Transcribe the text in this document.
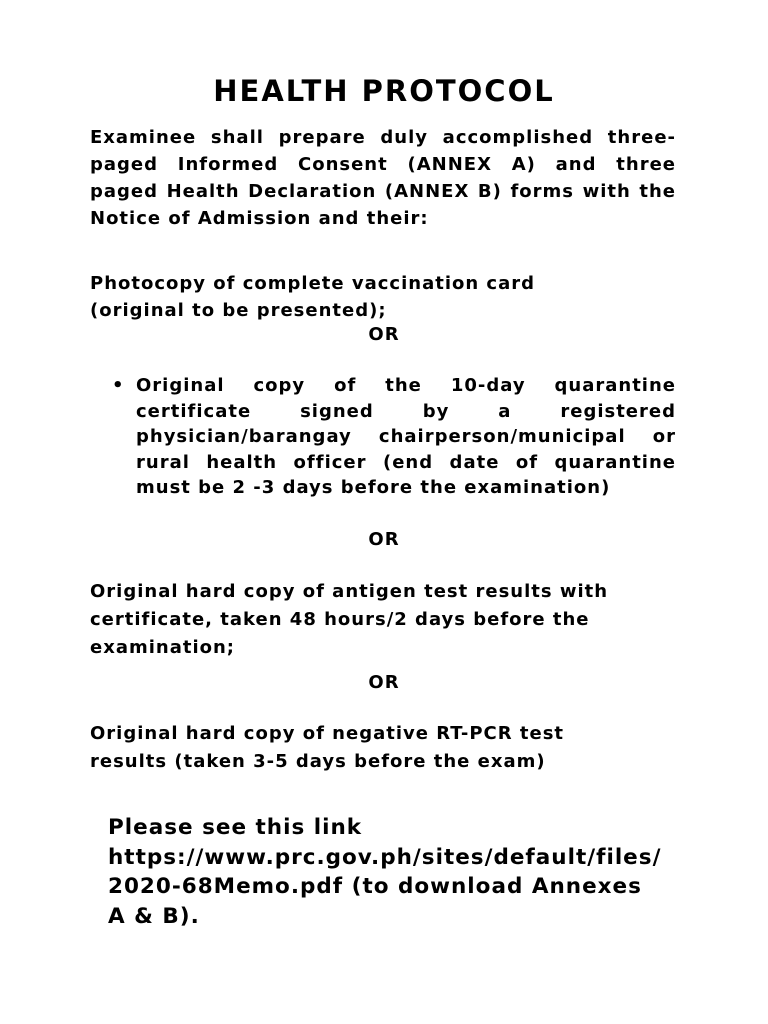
HEALTH PROTOCOL
Examinee shall prepare duly accomplished three-paged Informed Consent (ANNEX A) and three paged Health Declaration (ANNEX B) forms with the Notice of Admission and their:
Photocopy of complete vaccination card (original to be presented);
OR
• Original copy of the 10-day quarantine certificate signed by a registered physician/barangay chairperson/municipal or rural health officer (end date of quarantine must be 2 -3 days before the examination)
OR
Original hard copy of antigen test results with certificate, taken 48 hours/2 days before the examination;
OR
Original hard copy of negative RT-PCR test results (taken 3-5 days before the exam)
Please see this link
https://www.prc.gov.ph/sites/default/files/
2020-68Memo.pdf (to download Annexes
A & B).
